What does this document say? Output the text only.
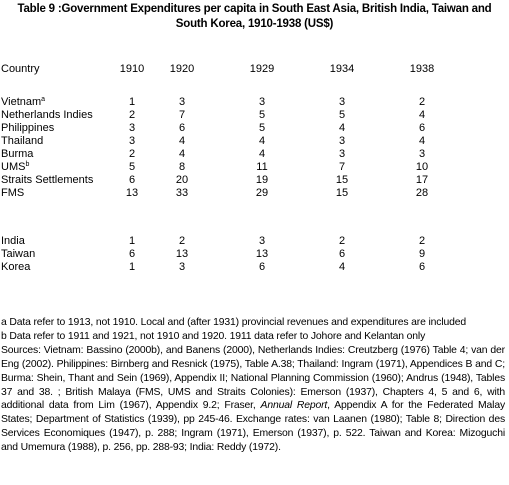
Table 9 :Government Expenditures per capita in South East Asia, British India, Taiwan and
South Korea, 1910-1938 (US$)
Country	1910	1920	1929	1934	1938
Vietnam$^a$	1	3	3	3	2
Netherlands Indies	2	7	5	5	4
Philippines	3	6	5	4	6
Thailand	3	4	4	3	4
Burma	2	4	4	3	3
UMS$^b$	5	8	11	7	10
Straits Settlements	6	20	19	15	17
FMS	13	33	29	15	28
India	1	2	3	2	2
Taiwan	6	13	13	6	9
Korea	1	3	6	4	6
a Data refer to 1913, not 1910. Local and (after 1931) provincial revenues and expenditures are included
b Data refer to 1911 and 1921, not 1910 and 1920. 1911 data refer to Johore and Kelantan only
Sources: Vietnam: Bassino (2000b), and Banens (2000), Netherlands Indies: Creutzberg (1976) Table 4; van der Eng (2002). Philippines: Birnberg and Resnick (1975), Table A.38; Thailand: Ingram (1971), Appendices B and C; Burma: Shein, Thant and Sein (1969), Appendix II; National Planning Commission (1960); Andrus (1948), Tables 37 and 38. ; British Malaya (FMS, UMS and Straits Colonies): Emerson (1937), Chapters 4, 5 and 6, with additional data from Lim (1967), Appendix 9.2; Fraser, Annual Report, Appendix A for the Federated Malay States; Department of Statistics (1939), pp 245-46. Exchange rates: van Laanen (1980); Table 8; Direction des Services Economiques (1947), p. 288; Ingram (1971), Emerson (1937), p. 522. Taiwan and Korea: Mizoguchi and Umemura (1988), p. 256, pp. 288-93; India: Reddy (1972).
